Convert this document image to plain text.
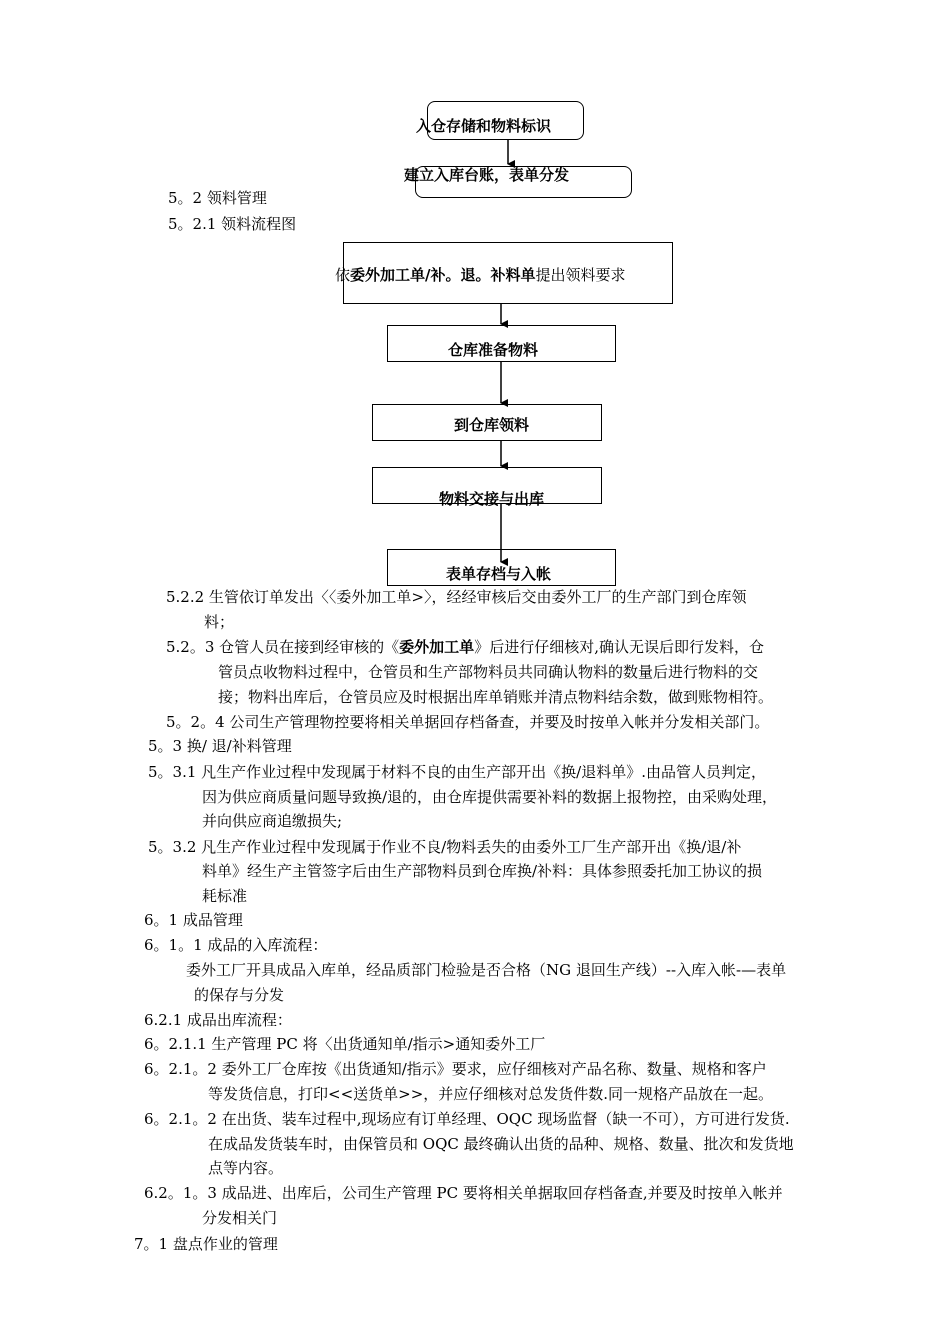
入仓存储和物料标识
建立入库台账，表单分发
5。2 领料管理
5。2.1 领料流程图
依委外加工单/补。退。补料单提出领料要求
仓库准备物料
到仓库领料
物料交接与出库
表单存档与入帐
5.2.2 生管依订单发出〈〈委外加工单>〉，经经审核后交由委外工厂的生产部门到仓库领
料；
5.2。3 仓管人员在接到经审核的《委外加工单》后进行仔细核对,确认无误后即行发料，仓
管员点收物料过程中，仓管员和生产部物料员共同确认物料的数量后进行物料的交
接；物料出库后，仓管员应及时根据出库单销账并清点物料结余数，做到账物相符。
5。2。4 公司生产管理物控要将相关单据回存档备查，并要及时按单入帐并分发相关部门。
5。3 换/ 退/补料管理
5。3.1 凡生产作业过程中发现属于材料不良的由生产部开出《换/退料单》.由品管人员判定，
因为供应商质量问题导致换/退的，由仓库提供需要补料的数据上报物控，由采购处理，
并向供应商追缴损失;
5。3.2 凡生产作业过程中发现属于作业不良/物料丢失的由委外工厂生产部开出《换/退/补
料单》经生产主管签字后由生产部物料员到仓库换/补料：具体参照委托加工协议的损
耗标准
6。1 成品管理
6。1。1 成品的入库流程：
委外工厂开具成品入库单，经品质部门检验是否合格（NG 退回生产线）--入库入帐-—表单
的保存与分发
6.2.1 成品出库流程：
6。2.1.1 生产管理 PC 将〈出货通知单/指示>通知委外工厂
6。2.1。2 委外工厂仓库按《出货通知/指示》要求，应仔细核对产品名称、数量、规格和客户
等发货信息，打印<<送货单>>，并应仔细核对总发货件数.同一规格产品放在一起。
6。2.1。2 在出货、装车过程中,现场应有订单经理、OQC 现场监督（缺一不可），方可进行发货.
在成品发货装车时，由保管员和 OQC 最终确认出货的品种、规格、数量、批次和发货地
点等内容。
6.2。1。3 成品进、出库后，公司生产管理 PC 要将相关单据取回存档备查,并要及时按单入帐并
分发相关门
7。1 盘点作业的管理
